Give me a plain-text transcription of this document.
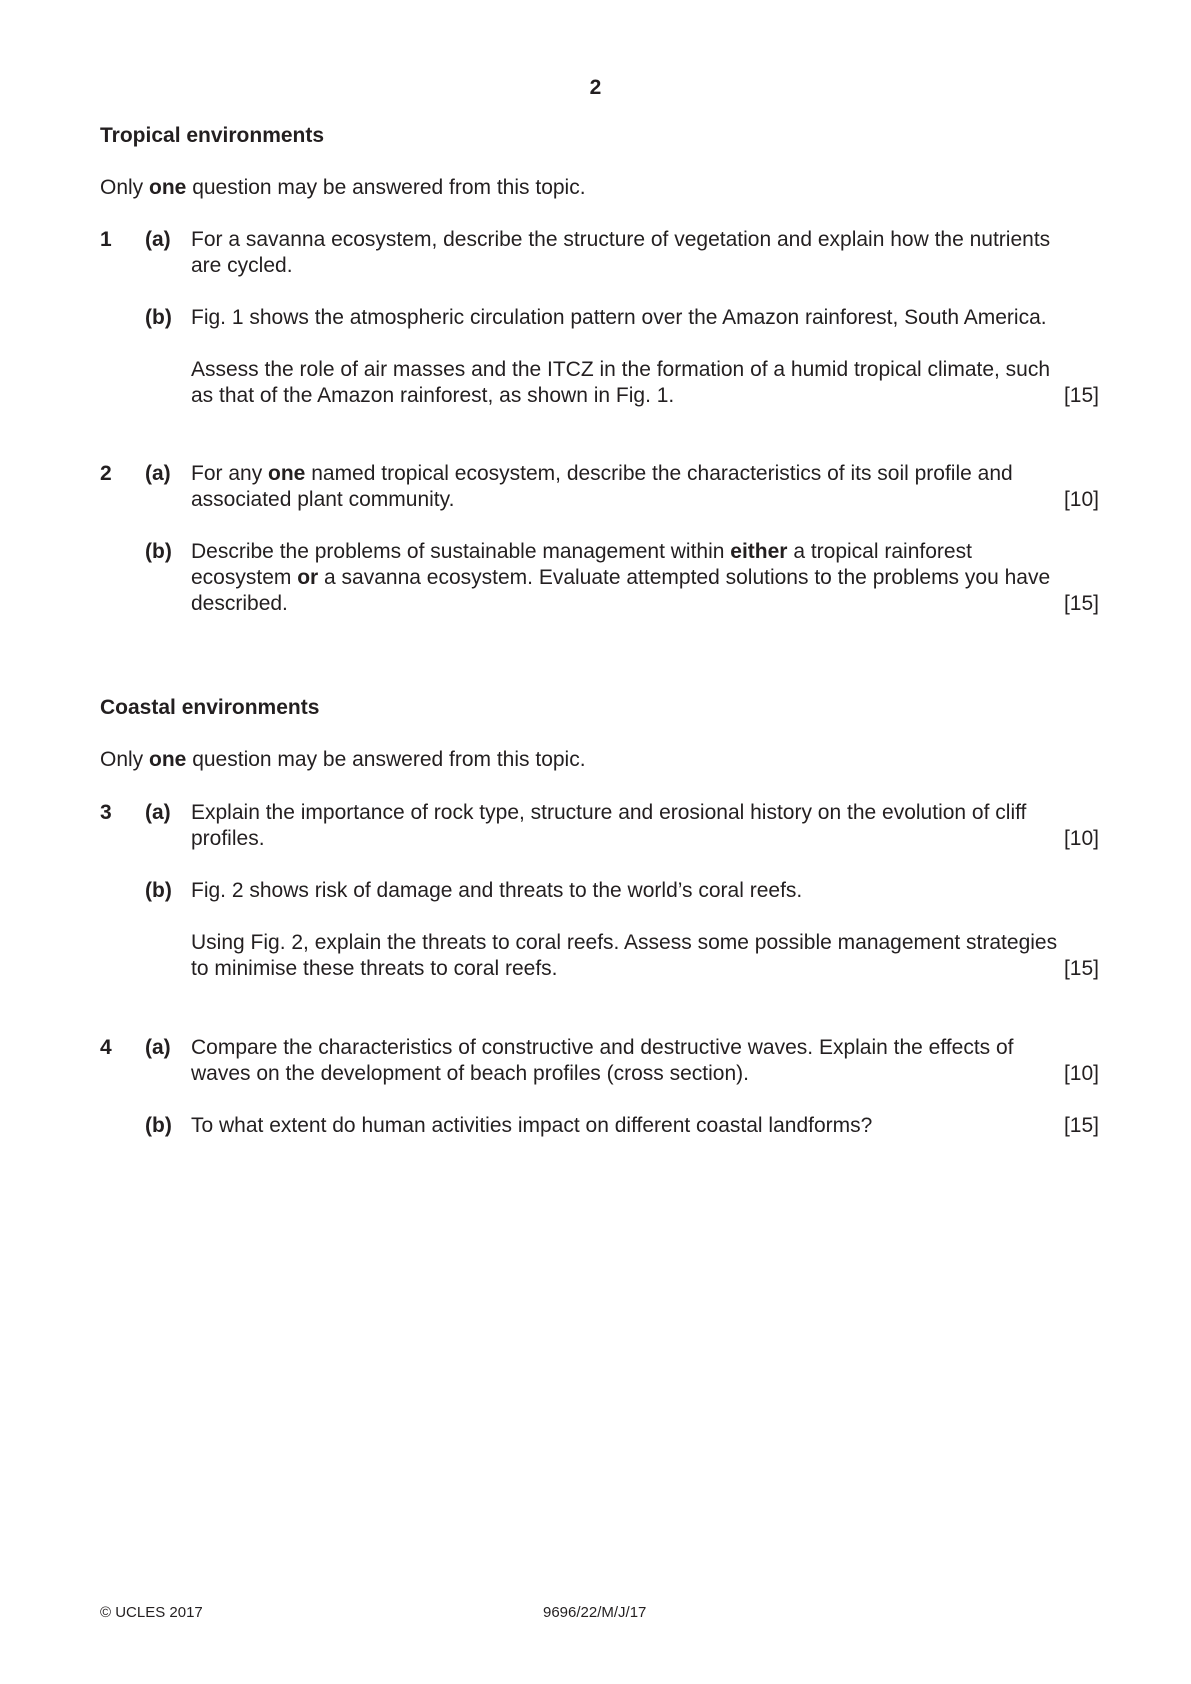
2
Tropical environments
Only one question may be answered from this topic.
1 (a) For a savanna ecosystem, describe the structure of vegetation and explain how the nutrients
are cycled.
(b) Fig. 1 shows the atmospheric circulation pattern over the Amazon rainforest, South America.
Assess the role of air masses and the ITCZ in the formation of a humid tropical climate, such
as that of the Amazon rainforest, as shown in Fig. 1.	[15]
2 (a) For any one named tropical ecosystem, describe the characteristics of its soil profile and
associated plant community.	[10]
(b) Describe the problems of sustainable management within either a tropical rainforest
ecosystem or a savanna ecosystem. Evaluate attempted solutions to the problems you have
described.	[15]
Coastal environments
Only one question may be answered from this topic.
3 (a) Explain the importance of rock type, structure and erosional history on the evolution of cliff
profiles.	[10]
(b) Fig. 2 shows risk of damage and threats to the world’s coral reefs.
Using Fig. 2, explain the threats to coral reefs. Assess some possible management strategies
to minimise these threats to coral reefs.	[15]
4 (a) Compare the characteristics of constructive and destructive waves. Explain the effects of
waves on the development of beach profiles (cross section).	[10]
(b) To what extent do human activities impact on different coastal landforms?	[15]
© UCLES 2017	9696/22/M/J/17
